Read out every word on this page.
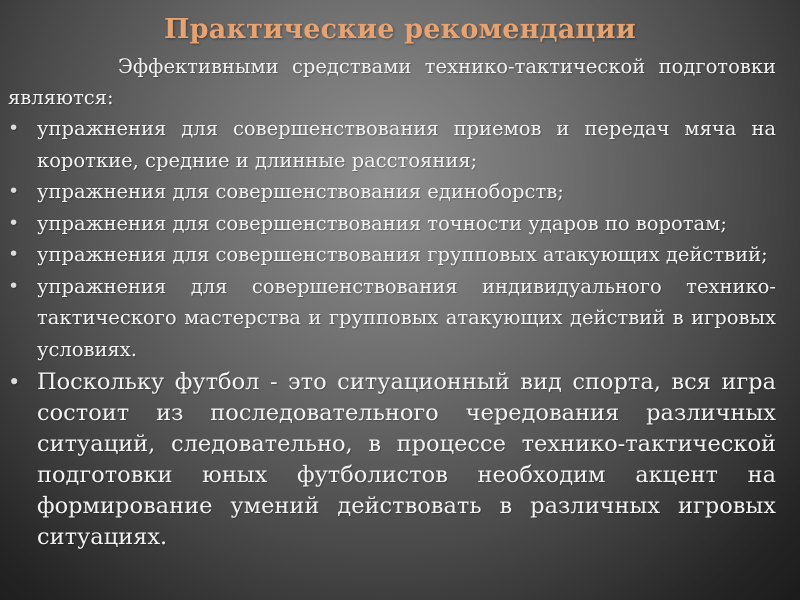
Практические рекомендации

Эффективными средствами технико-тактической подготовки являются:

• упражнения для совершенствования приемов и передач мяча на короткие, средние и длинные расстояния;
• упражнения для совершенствования единоборств;
• упражнения для совершенствования точности ударов по воротам;
• упражнения для совершенствования групповых атакующих действий;
• упражнения для совершенствования индивидуального технико-тактического мастерства и групповых атакующих действий в игровых условиях.
• Поскольку футбол - это ситуационный вид спорта, вся игра состоит из последовательного чередования различных ситуаций, следовательно, в процессе технико-тактической подготовки юных футболистов необходим акцент на формирование умений действовать в различных игровых ситуациях.
